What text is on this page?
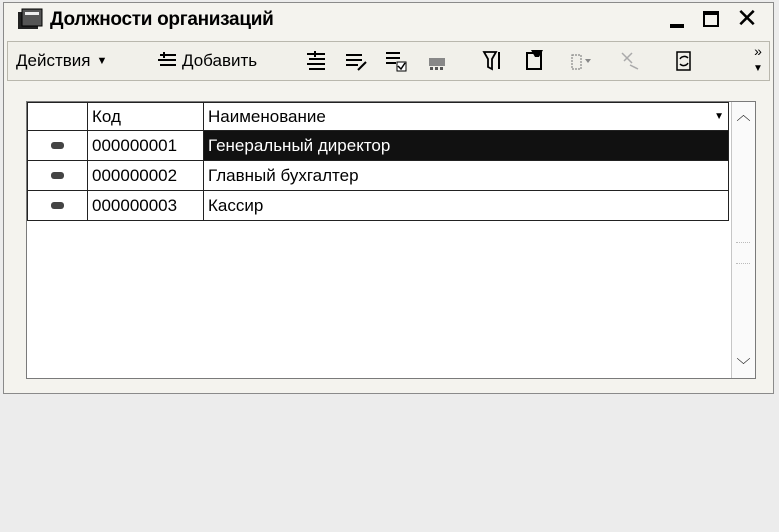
Должности организаций	✕
Действия ▼	Добавить	»
▼
	Код	Наименование ▼

	000000001	Генеральный директор

	000000002	Главный бухгалтер

	000000003	Кассир
︿
﹀
